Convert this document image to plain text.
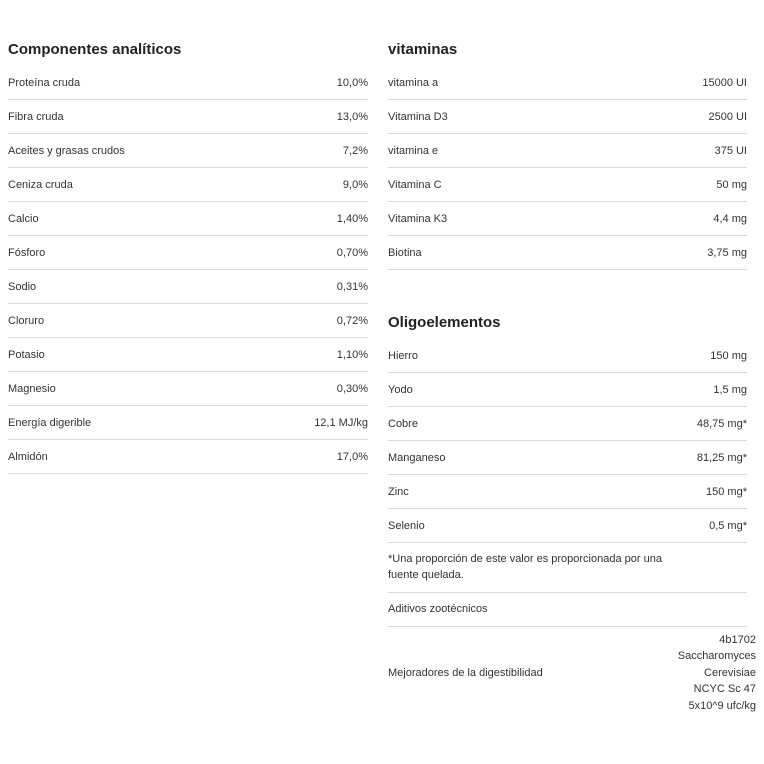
Componentes analíticos
Proteína cruda	10,0%
Fibra cruda	13,0%
Aceites y grasas crudos	7,2%
Ceniza cruda	9,0%
Calcio	1,40%
Fósforo	0,70%
Sodio	0,31%
Cloruro	0,72%
Potasio	1,10%
Magnesio	0,30%
Energía digerible	12,1 MJ/kg
Almidón	17,0%
vitaminas
vitamina a	15000 UI
Vitamina D3	2500 UI
vitamina e	375 UI
Vitamina C	50 mg
Vitamina K3	4,4 mg
Biotina	3,75 mg
Oligoelementos
Hierro	150 mg
Yodo	1,5 mg
Cobre	48,75 mg*
Manganeso	81,25 mg*
Zinc	150 mg*
Selenio	0,5 mg*
*Una proporción de este valor es proporcionada por una fuente quelada.
Aditivos zootécnicos
Mejoradores de la digestibilidad
4b1702
Saccharomyces
Cerevisiae
NCYC Sc 47
5x10^9 ufc/kg
